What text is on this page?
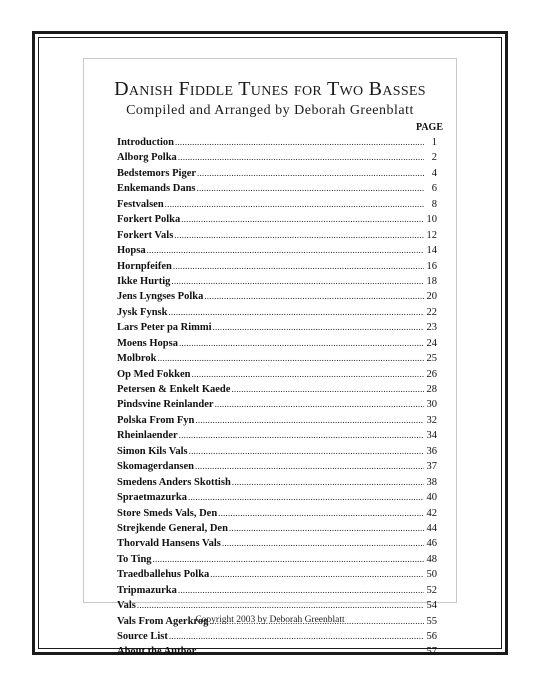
Danish Fiddle Tunes for Two Basses
Compiled and Arranged by Deborah Greenblatt
PAGE
Introduction .....	1
Alborg Polka .....	2
Bedstemors Piger .....	4
Enkemands Dans .....	6
Festvalsen .....	8
Forkert Polka .....	10
Forkert Vals .....	12
Hopsa .....	14
Hornpfeifen .....	16
Ikke Hurtig .....	18
Jens Lyngses Polka .....	20
Jysk Fynsk .....	22
Lars Peter pa Rimmi .....	23
Moens Hopsa .....	24
Molbrok .....	25
Op Med Fokken .....	26
Petersen & Enkelt Kaede .....	28
Pindsvine Reinlander .....	30
Polska From Fyn .....	32
Rheinlaender .....	34
Simon Kils Vals .....	36
Skomagerdansen .....	37
Smedens Anders Skottish .....	38
Spraetmazurka .....	40
Store Smeds Vals, Den .....	42
Strejkende General, Den .....	44
Thorvald Hansens Vals .....	46
To Ting .....	48
Traedballehus Polka .....	50
Tripmazurka .....	52
Vals .....	54
Vals From Agerkrog .....	55
Source List .....	56
About the Author .....	57
Copyright 2003 by Deborah Greenblatt
